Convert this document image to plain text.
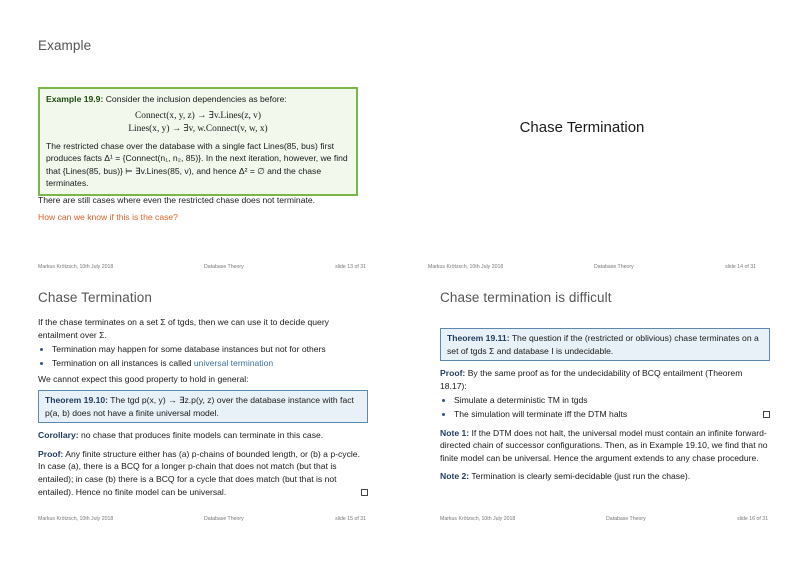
Example

Example 19.9: Consider the inclusion dependencies as before:

Connect(x, y, z) → ∃v.Lines(z, v)
Lines(x, y) → ∃v, w.Connect(v, w, x)

The restricted chase over the database with a single fact Lines(85, bus) first produces facts Δ¹ = {Connect(n₁, n₂, 85)}. In the next iteration, however, we find that {Lines(85, bus)} ⊨ ∃v.Lines(85, v), and hence Δ² = ∅ and the chase terminates.

There are still cases where even the restricted chase does not terminate.

How can we know if this is the case?

Markus Krötzsch, 10th July 2018	Database Theory	slide 13 of 31
Chase Termination
Markus Krötzsch, 10th July 2018	Database Theory	slide 14 of 31
Chase Termination

If the chase terminates on a set Σ of tgds, then we can use it to decide query entailment over Σ.

• Termination may happen for some database instances but not for others
• Termination on all instances is called universal termination

We cannot expect this good property to hold in general:

Theorem 19.10: The tgd p(x, y) → ∃z.p(y, z) over the database instance with fact p(a, b) does not have a finite universal model.

Corollary: no chase that produces finite models can terminate in this case.

Proof: Any finite structure either has (a) p-chains of bounded length, or (b) a p-cycle. In case (a), there is a BCQ for a longer p-chain that does not match (but that is entailed); in case (b) there is a BCQ for a cycle that does match (but that is not entailed). Hence no finite model can be universal.

Markus Krötzsch, 10th July 2018	Database Theory	slide 15 of 31
Chase termination is difficult
Theorem 19.11: The question if the (restricted or oblivious) chase terminates on a set of tgds Σ and database I is undecidable.

Proof: By the same proof as for the undecidability of BCQ entailment (Theorem 18.17):

• Simulate a deterministic TM in tgds
• The simulation will terminate iff the DTM halts

Note 1: If the DTM does not halt, the universal model must contain an infinite forward-directed chain of successor configurations. Then, as in Example 19.10, we find that no finite model can be universal. Hence the argument extends to any chase procedure.

Note 2: Termination is clearly semi-decidable (just run the chase).

Markus Krötzsch, 10th July 2018	Database Theory	slide 16 of 31
